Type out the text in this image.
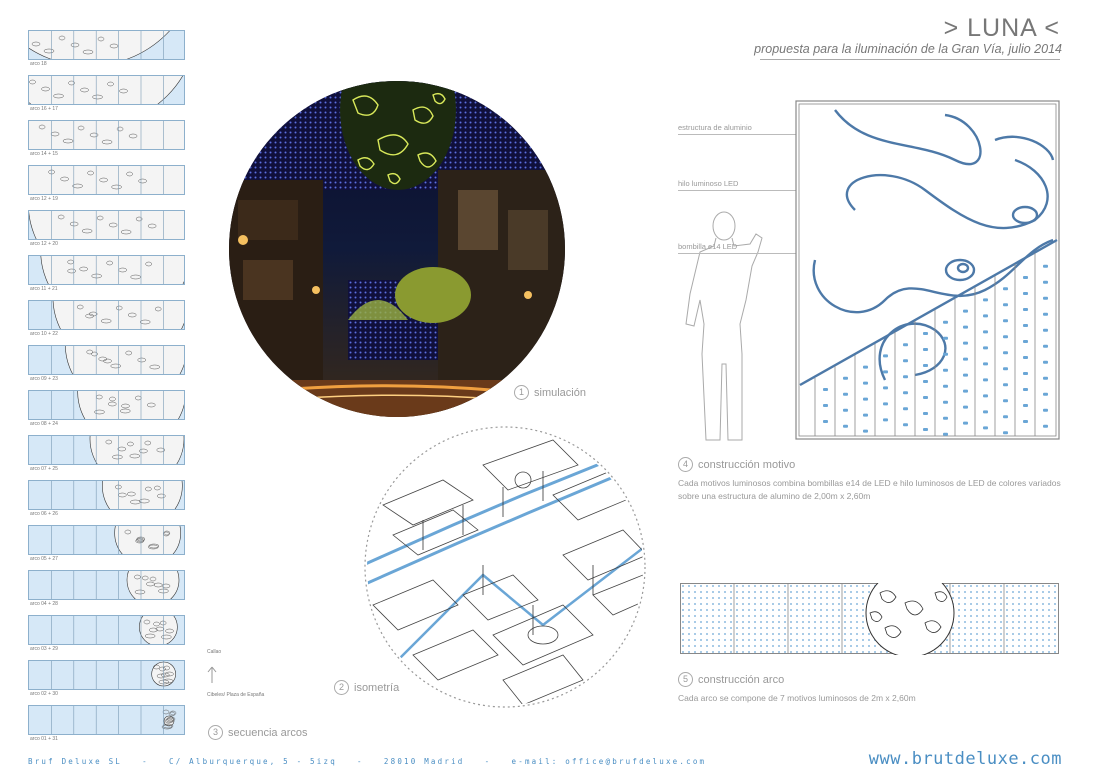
> LUNA <
propuesta para la iluminación de la Gran Vía, julio 2014
arco 18
arco 16 + 17
arco 14 + 15
arco 12 + 19
arco 12 + 20
arco 11 + 21
arco 10 + 22
arco 09 + 23
arco 08 + 24
arco 07 + 25
arco 06 + 26
arco 05 + 27
arco 04 + 28
arco 03 + 29
arco 02 + 30
arco 01 + 31
Callao
Cibeles/ Plaza de España
3 secuencia arcos
1 simulación
2 isometría
estructura de aluminio
hilo luminoso LED
bombilla e14 LED
4 construcción motivo
Cada motivos luminosos combina bombillas e14 de LED e hilo luminosos de LED de colores variados sobre una estructura de alumino de 2,00m x 2,60m
5 construcción arco
Cada arco se compone de 7 motivos luminosos de 2m x 2,60m
Bruf Deluxe SL   -   C/ Alburquerque, 5 - 5izq   -   28010 Madrid   -   e-mail: office@brufdeluxe.com	www.brutdeluxe.com
